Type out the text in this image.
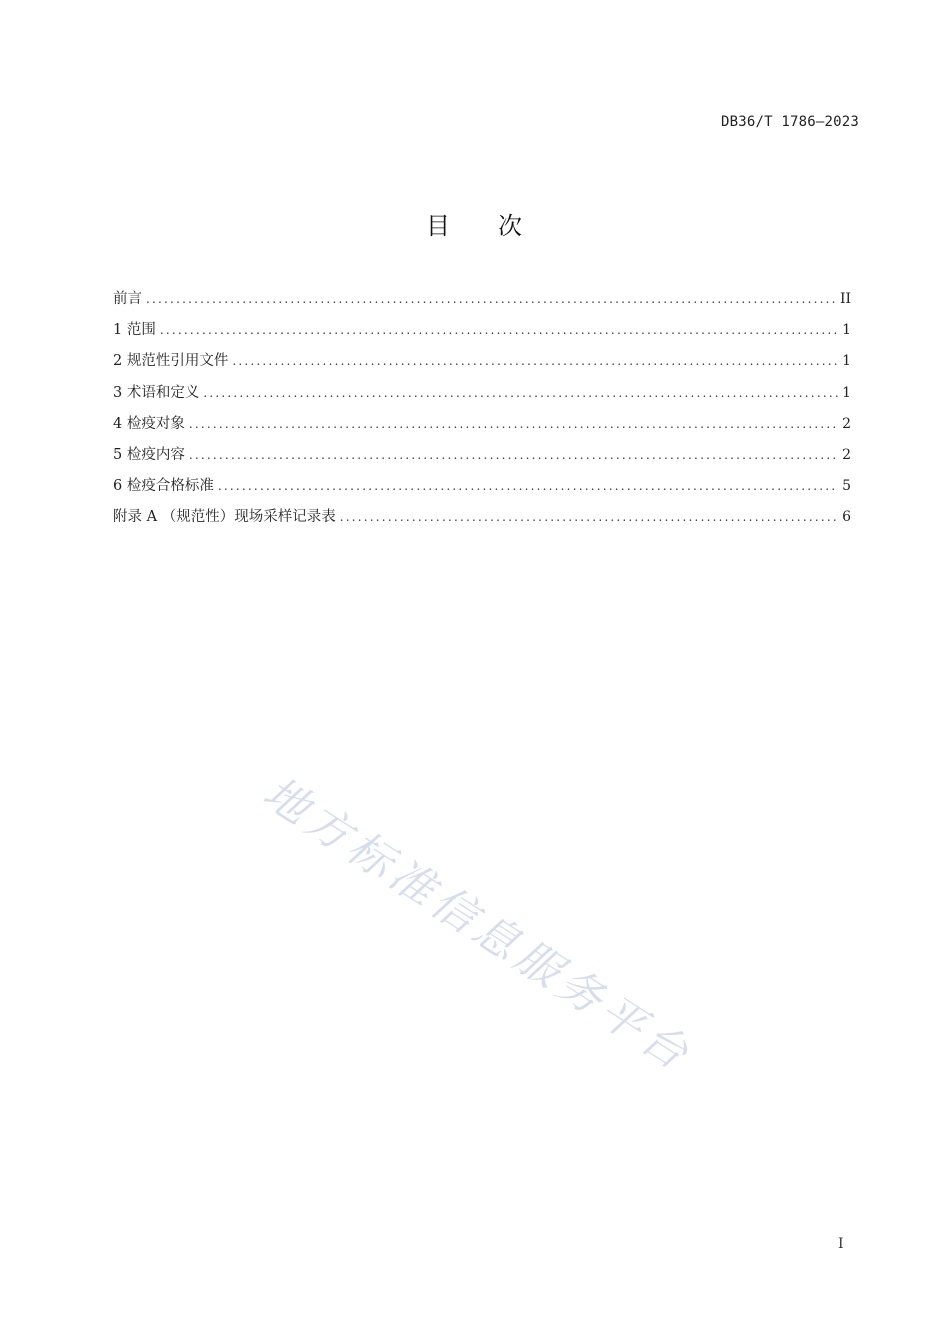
DB36/T 1786—2023
目 次
前言 .....	II
1 范围 .....	1
2 规范性引用文件 .....	1
3 术语和定义 .....	1
4 检疫对象 .....	2
5 检疫内容 .....	2
6 检疫合格标准 .....	5
附录 A （规范性）现场采样记录表 .....	6
地方标准信息服务平台
I
